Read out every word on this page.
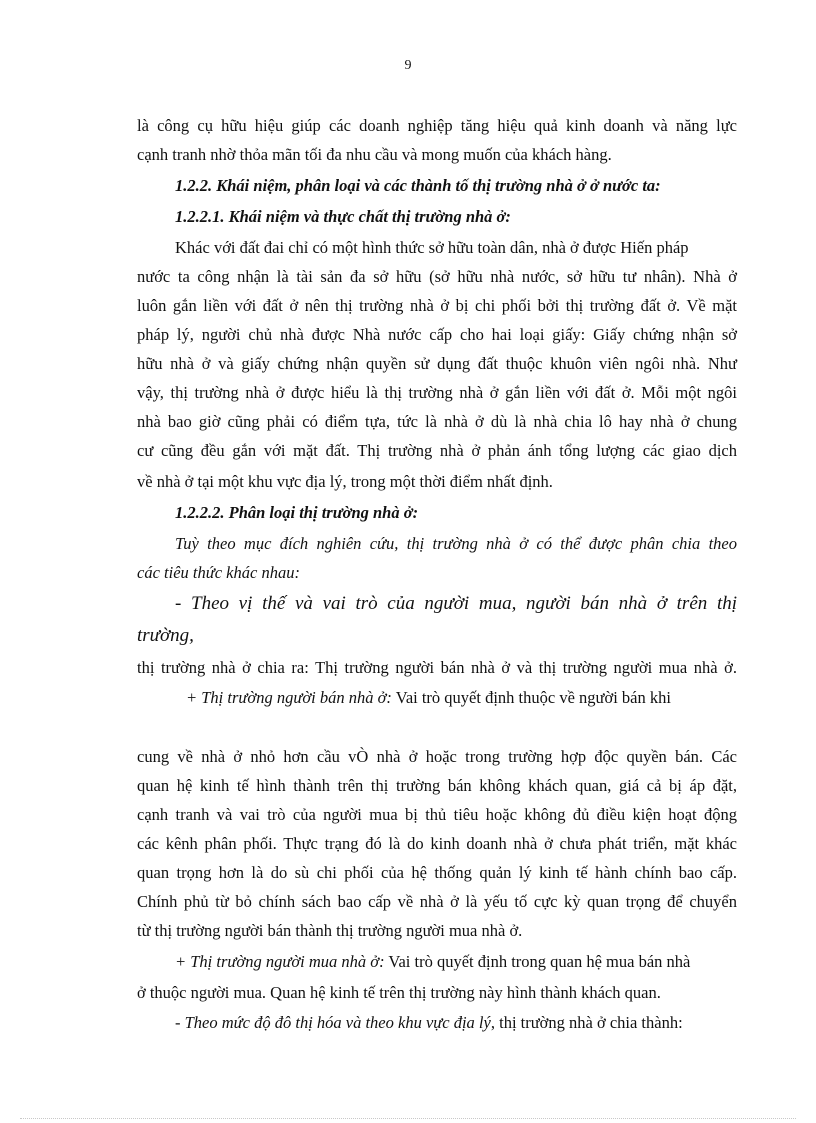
9
là công cụ hữu hiệu giúp các doanh nghiệp tăng hiệu quả kinh doanh và năng lực
cạnh tranh nhờ thỏa mãn tối đa nhu cầu và mong muốn của khách hàng.
1.2.2. Khái niệm, phân loại và các thành tố thị trường nhà ở ở nước ta:
1.2.2.1. Khái niệm và thực chất thị trường nhà ở:
Khác với đất đai chỉ có một hình thức sở hữu toàn dân, nhà ở được Hiến pháp
nước ta công nhận là tài sản đa sở hữu (sở hữu nhà nước, sở hữu tư nhân). Nhà ở
luôn gắn liền với đất ở nên thị trường nhà ở bị chi phối bởi thị trường đất ở. Về mặt
pháp lý, người chủ nhà được Nhà nước cấp cho hai loại giấy: Giấy chứng nhận sở
hữu nhà ở và giấy chứng nhận quyền sử dụng đất thuộc khuôn viên ngôi nhà. Như
vậy, thị trường nhà ở được hiểu là thị trường nhà ở gắn liền với đất ở. Mỗi một ngôi
nhà bao giờ cũng phải có điểm tựa, tức là nhà ở dù là nhà chia lô hay nhà ở chung
cư cũng đều gắn với mặt đất. Thị trường nhà ở phản ánh tổng lượng các giao dịch
về nhà ở tại một khu vực địa lý, trong một thời điểm nhất định.
1.2.2.2. Phân loại thị trường nhà ở:
Tuỳ theo mục đích nghiên cứu, thị trường nhà ở có thể được phân chia theo
các tiêu thức khác nhau:
- Theo vị thế và vai trò của người mua, người bán nhà ở trên thị
trường,
thị trường nhà ở chia ra: Thị trường người bán nhà ở và thị trường người mua nhà ở.
+ Thị trường người bán nhà ở: Vai trò quyết định thuộc về người bán khi
cung về nhà ở nhỏ hơn cầu vÒ nhà ở hoặc trong trường hợp độc quyền bán. Các
quan hệ kinh tế hình thành trên thị trường bán không khách quan, giá cả bị áp đặt,
cạnh tranh và vai trò của người mua bị thủ tiêu hoặc không đủ điều kiện hoạt động
các kênh phân phối. Thực trạng đó là do kinh doanh nhà ở chưa phát triển, mặt khác
quan trọng hơn là do sù chi phối của hệ thống quản lý kinh tế hành chính bao cấp.
Chính phủ từ bỏ chính sách bao cấp về nhà ở là yếu tố cực kỳ quan trọng để chuyển
từ thị trường người bán thành thị trường người mua nhà ở.
+ Thị trường người mua nhà ở: Vai trò quyết định trong quan hệ mua bán nhà
ở thuộc người mua. Quan hệ kinh tế trên thị trường này hình thành khách quan.
- Theo mức độ đô thị hóa và theo khu vực địa lý, thị trường nhà ở chia thành:
